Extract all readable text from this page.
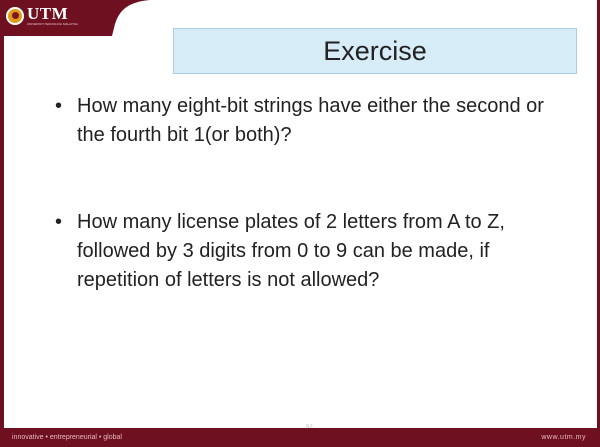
UTM
UNIVERSITI TEKNOLOGI MALAYSIA
Exercise
• How many eight-bit strings have either the second or the fourth bit 1(or both)?
• How many license plates of 2 letters from A to Z, followed by 3 digits from 0 to 9 can be made, if repetition of letters is not allowed?
innovative • entrepreneurial • global	www.utm.my
